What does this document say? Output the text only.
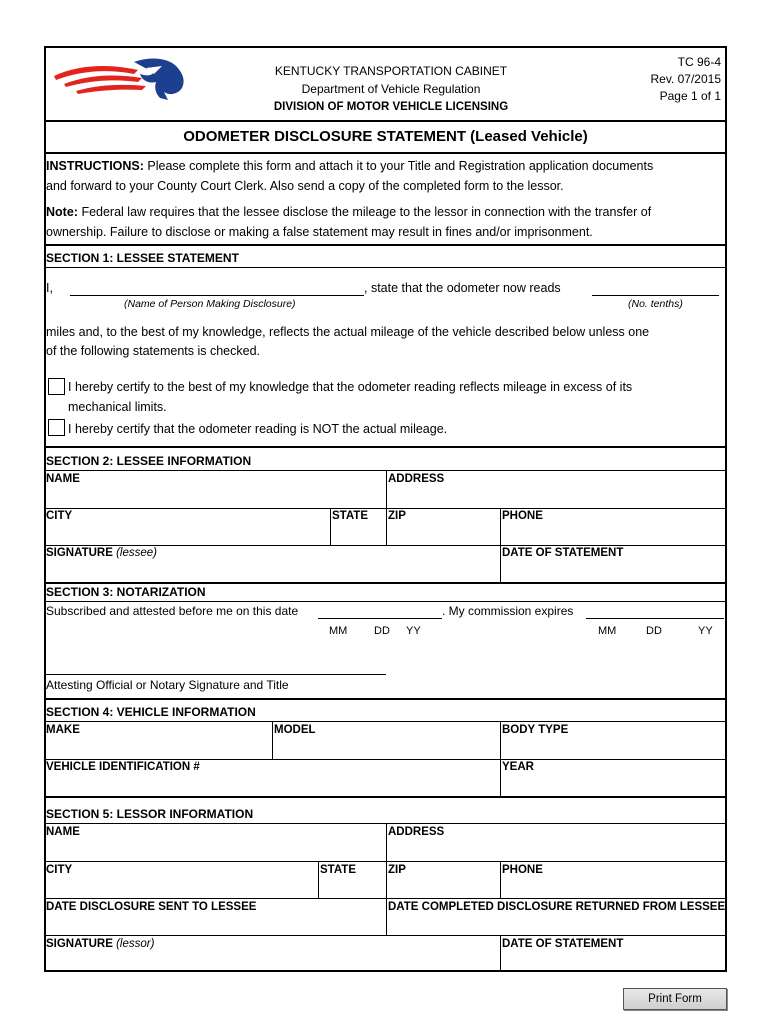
KENTUCKY TRANSPORTATION CABINET
Department of Vehicle Regulation
DIVISION OF MOTOR VEHICLE LICENSING
TC 96-4
Rev. 07/2015
Page 1 of 1
ODOMETER DISCLOSURE STATEMENT (Leased Vehicle)
INSTRUCTIONS: Please complete this form and attach it to your Title and Registration application documents
and forward to your County Court Clerk. Also send a copy of the completed form to the lessor.
Note: Federal law requires that the lessee disclose the mileage to the lessor in connection with the transfer of
ownership. Failure to disclose or making a false statement may result in fines and/or imprisonment.
SECTION 1: LESSEE STATEMENT
I,	, state that the odometer now reads
(Name of Person Making Disclosure)	(No. tenths)
miles and, to the best of my knowledge, reflects the actual mileage of the vehicle described below unless one
of the following statements is checked.
I hereby certify to the best of my knowledge that the odometer reading reflects mileage in excess of its
mechanical limits.
I hereby certify that the odometer reading is NOT the actual mileage.
SECTION 2: LESSEE INFORMATION
NAME	ADDRESS
CITY	STATE ZIP	PHONE
SIGNATURE (lessee)	DATE OF STATEMENT
SECTION 3: NOTARIZATION
Subscribed and attested before me on this date	. My commission expires
MM DD YY	MM	DD	YY
Attesting Official or Notary Signature and Title
SECTION 4: VEHICLE INFORMATION
MAKE	MODEL	BODY TYPE
VEHICLE IDENTIFICATION #	YEAR
SECTION 5: LESSOR INFORMATION
NAME	ADDRESS
CITY	STATE	ZIP	PHONE
DATE DISCLOSURE SENT TO LESSEE	DATE COMPLETED DISCLOSURE RETURNED FROM LESSEE
SIGNATURE (lessor)	DATE OF STATEMENT
Print Form
